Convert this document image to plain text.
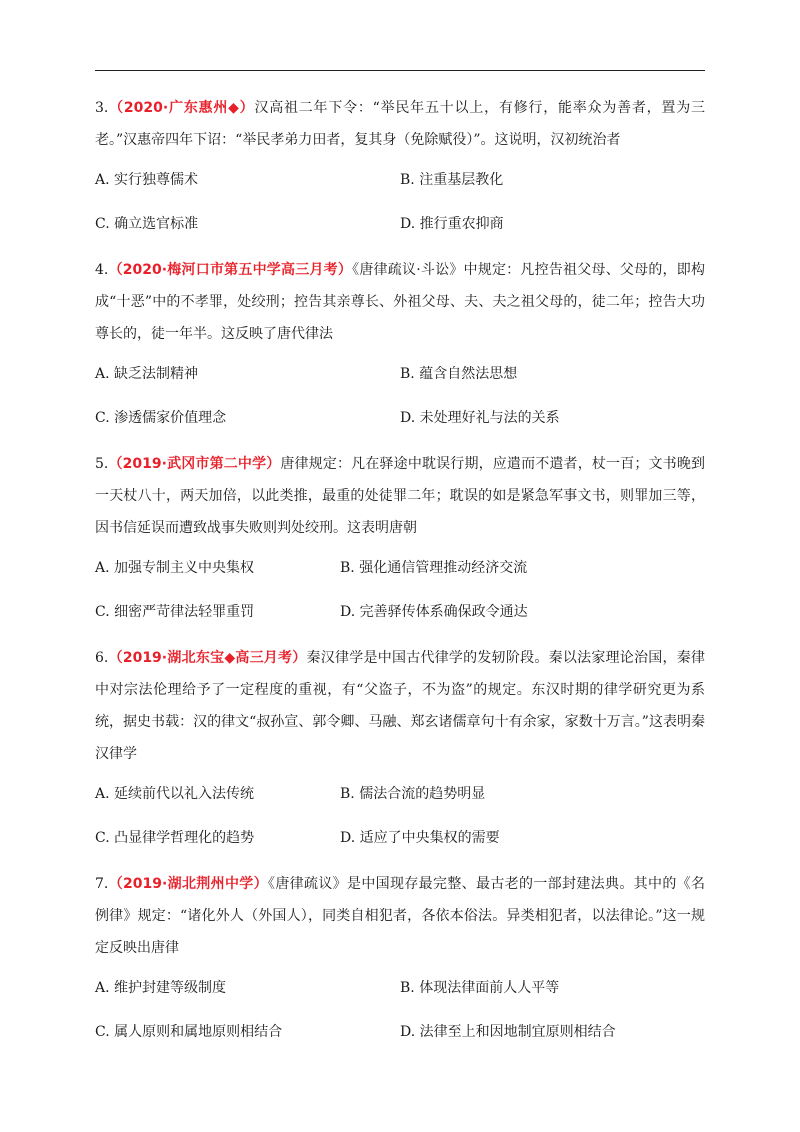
3.（2020·广东惠州◆）汉高祖二年下令：“举民年五十以上，有修行，能率众为善者，置为三老。”汉惠帝四年下诏：“举民孝弟力田者，复其身（免除赋役）”。这说明，汉初统治者

A. 实行独尊儒术	B. 注重基层教化
C. 确立选官标准	D. 推行重农抑商

4.（2020·梅河口市第五中学高三月考）《唐律疏议·斗讼》中规定：凡控告祖父母、父母的，即构成“十恶”中的不孝罪，处绞刑；控告其亲尊长、外祖父母、夫、夫之祖父母的，徒二年；控告大功尊长的，徒一年半。这反映了唐代律法

A. 缺乏法制精神	B. 蕴含自然法思想
C. 渗透儒家价值理念	D. 未处理好礼与法的关系

5.（2019·武冈市第二中学）唐律规定：凡在驿途中耽误行期，应遣而不遣者，杖一百；文书晚到一天杖八十，两天加倍，以此类推，最重的处徒罪二年；耽误的如是紧急军事文书，则罪加三等，因书信延误而遭致战事失败则判处绞刑。这表明唐朝

A. 加强专制主义中央集权	B. 强化通信管理推动经济交流
C. 细密严苛律法轻罪重罚	D. 完善驿传体系确保政令通达

6.（2019·湖北东宝◆高三月考）秦汉律学是中国古代律学的发轫阶段。秦以法家理论治国，秦律中对宗法伦理给予了一定程度的重视，有“父盗子，不为盗”的规定。东汉时期的律学研究更为系统，据史书载：汉的律文“叔孙宣、郭令卿、马融、郑玄诸儒章句十有余家，家数十万言。”这表明秦汉律学

A. 延续前代以礼入法传统	B. 儒法合流的趋势明显
C. 凸显律学哲理化的趋势	D. 适应了中央集权的需要

7.（2019·湖北荆州中学）《唐律疏议》是中国现存最完整、最古老的一部封建法典。其中的《名例律》规定：“诸化外人（外国人），同类自相犯者，各依本俗法。异类相犯者，以法律论。”这一规定反映出唐律

A. 维护封建等级制度	B. 体现法律面前人人平等
C. 属人原则和属地原则相结合	D. 法律至上和因地制宜原则相结合
